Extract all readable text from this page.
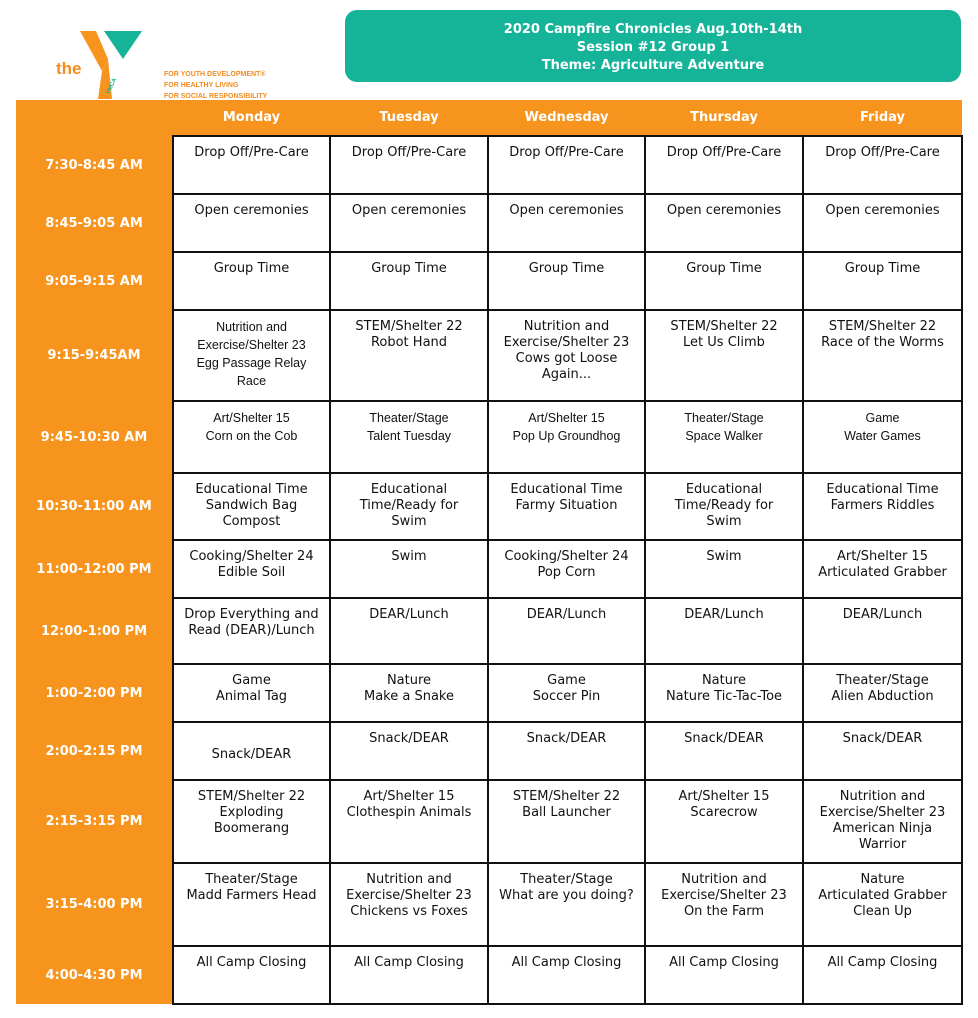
YMCA
the	FOR YOUTH DEVELOPMENT®
FOR HEALTHY LIVING
FOR SOCIAL RESPONSIBILITY
2020 Campfire Chronicles Aug.10th-14th
Session #12 Group 1
Theme: Agriculture Adventure
	Monday	Tuesday	Wednesday	Thursday	Friday
7:30-8:45 AM	Drop Off/Pre-Care	Drop Off/Pre-Care	Drop Off/Pre-Care	Drop Off/Pre-Care	Drop Off/Pre-Care
8:45-9:05 AM	Open ceremonies	Open ceremonies	Open ceremonies	Open ceremonies	Open ceremonies
9:05-9:15 AM	Group Time	Group Time	Group Time	Group Time	Group Time
9:15-9:45AM	Nutrition and
Exercise/Shelter 23
Egg Passage Relay
Race	STEM/Shelter 22
Robot Hand	Nutrition and
Exercise/Shelter 23
Cows got Loose
Again...	STEM/Shelter 22
Let Us Climb	STEM/Shelter 22
Race of the Worms
9:45-10:30 AM	Art/Shelter 15
Corn on the Cob	Theater/Stage
Talent Tuesday	Art/Shelter 15
Pop Up Groundhog	Theater/Stage
Space Walker	Game
Water Games
10:30-11:00 AM	Educational Time
Sandwich Bag
Compost	Educational
Time/Ready for
Swim	Educational Time
Farmy Situation	Educational
Time/Ready for
Swim	Educational Time
Farmers Riddles
11:00-12:00 PM	Cooking/Shelter 24
Edible Soil	Swim	Cooking/Shelter 24
Pop Corn	Swim	Art/Shelter 15
Articulated Grabber
12:00-1:00 PM	Drop Everything and
Read (DEAR)/Lunch	DEAR/Lunch	DEAR/Lunch	DEAR/Lunch	DEAR/Lunch
1:00-2:00 PM	Game
Animal Tag	Nature
Make a Snake	Game
Soccer Pin	Nature
Nature Tic-Tac-Toe	Theater/Stage
Alien Abduction
2:00-2:15 PM	Snack/DEAR	Snack/DEAR	Snack/DEAR	Snack/DEAR	Snack/DEAR
2:15-3:15 PM	STEM/Shelter 22
Exploding
Boomerang	Art/Shelter 15
Clothespin Animals	STEM/Shelter 22
Ball Launcher	Art/Shelter 15
Scarecrow	Nutrition and
Exercise/Shelter 23
American Ninja
Warrior
3:15-4:00 PM	Theater/Stage
Madd Farmers Head	Nutrition and
Exercise/Shelter 23
Chickens vs Foxes	Theater/Stage
What are you doing?	Nutrition and
Exercise/Shelter 23
On the Farm	Nature
Articulated Grabber
Clean Up
4:00-4:30 PM	All Camp Closing	All Camp Closing	All Camp Closing	All Camp Closing	All Camp Closing
